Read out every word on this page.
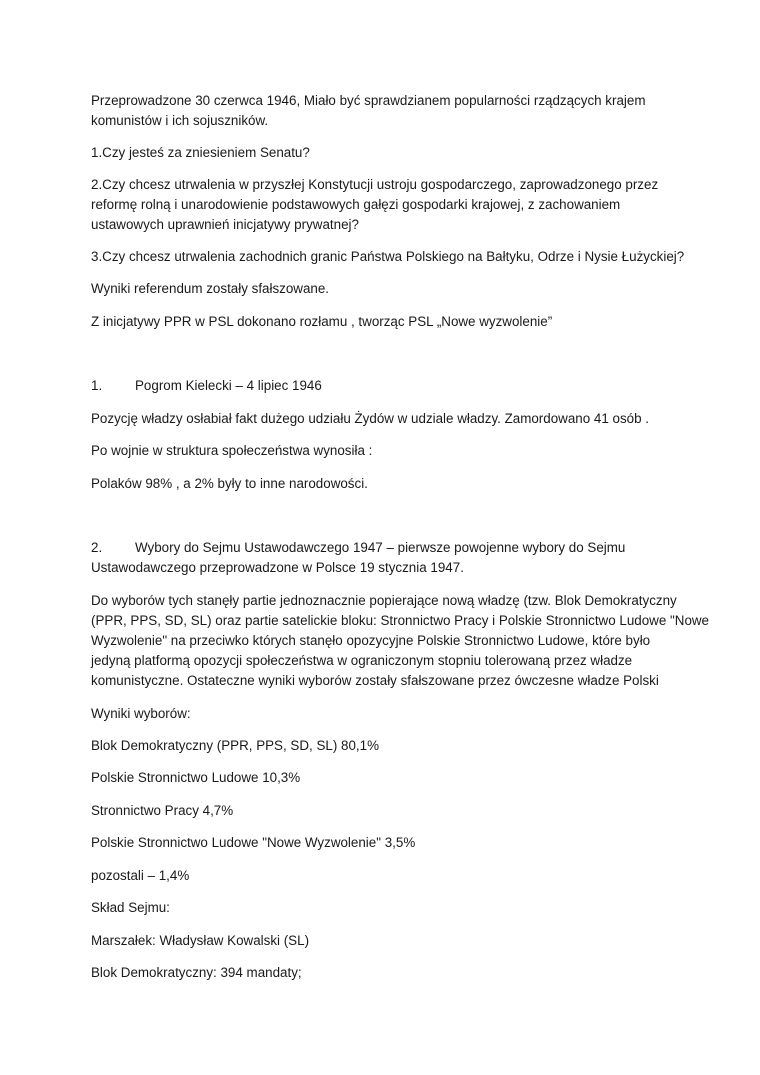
Przeprowadzone 30 czerwca 1946, Miało być sprawdzianem popularności rządzących krajem
komunistów i ich sojuszników.

1.Czy jesteś za zniesieniem Senatu?

2.Czy chcesz utrwalenia w przyszłej Konstytucji ustroju gospodarczego, zaprowadzonego przez
reformę rolną i unarodowienie podstawowych gałęzi gospodarki krajowej, z zachowaniem
ustawowych uprawnień inicjatywy prywatnej?

3.Czy chcesz utrwalenia zachodnich granic Państwa Polskiego na Bałtyku, Odrze i Nysie Łużyckiej?

Wyniki referendum zostały sfałszowane.

Z inicjatywy PPR w PSL dokonano rozłamu , tworząc PSL „Nowe wyzwolenie”

1. Pogrom Kielecki – 4 lipiec 1946

Pozycję władzy osłabiał fakt dużego udziału Żydów w udziale władzy. Zamordowano 41 osób .

Po wojnie w struktura społeczeństwa wynosiła :

Polaków 98% , a 2% były to inne narodowości.

2. Wybory do Sejmu Ustawodawczego 1947 – pierwsze powojenne wybory do Sejmu
Ustawodawczego przeprowadzone w Polsce 19 stycznia 1947.

Do wyborów tych stanęły partie jednoznacznie popierające nową władzę (tzw. Blok Demokratyczny
(PPR, PPS, SD, SL) oraz partie satelickie bloku: Stronnictwo Pracy i Polskie Stronnictwo Ludowe "Nowe
Wyzwolenie" na przeciwko których stanęło opozycyjne Polskie Stronnictwo Ludowe, które było
jedyną platformą opozycji społeczeństwa w ograniczonym stopniu tolerowaną przez władze
komunistyczne. Ostateczne wyniki wyborów zostały sfałszowane przez ówczesne władze Polski

Wyniki wyborów:

Blok Demokratyczny (PPR, PPS, SD, SL) 80,1%

Polskie Stronnictwo Ludowe 10,3%

Stronnictwo Pracy 4,7%

Polskie Stronnictwo Ludowe "Nowe Wyzwolenie" 3,5%

pozostali – 1,4%

Skład Sejmu:

Marszałek: Władysław Kowalski (SL)

Blok Demokratyczny: 394 mandaty;
